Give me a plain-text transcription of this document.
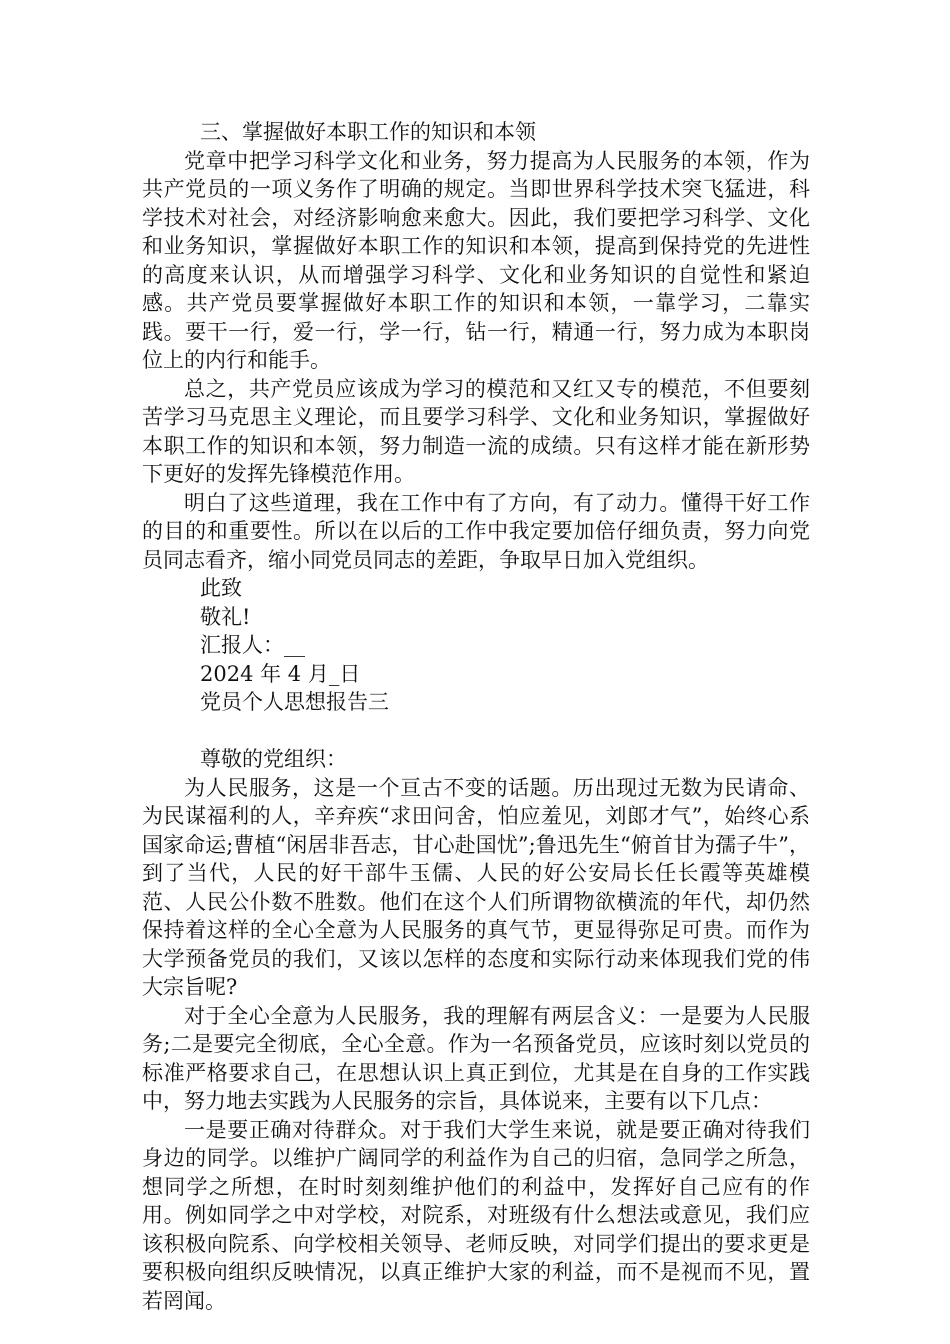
三、掌握做好本职工作的知识和本领

党章中把学习科学文化和业务，努力提高为人民服务的本领，作为共产党员的一项义务作了明确的规定。当即世界科学技术突飞猛进，科学技术对社会，对经济影响愈来愈大。因此，我们要把学习科学、文化和业务知识，掌握做好本职工作的知识和本领，提高到保持党的先进性的高度来认识，从而增强学习科学、文化和业务知识的自觉性和紧迫感。共产党员要掌握做好本职工作的知识和本领，一靠学习，二靠实践。要干一行，爱一行，学一行，钻一行，精通一行，努力成为本职岗位上的内行和能手。

总之，共产党员应该成为学习的模范和又红又专的模范，不但要刻苦学习马克思主义理论，而且要学习科学、文化和业务知识，掌握做好本职工作的知识和本领，努力制造一流的成绩。只有这样才能在新形势下更好的发挥先锋模范作用。

明白了这些道理，我在工作中有了方向，有了动力。懂得干好工作的目的和重要性。所以在以后的工作中我定要加倍仔细负责，努力向党员同志看齐，缩小同党员同志的差距，争取早日加入党组织。

此致

敬礼!

汇报人：__

2024 年 4 月_日

党员个人思想报告三

尊敬的党组织：

为人民服务，这是一个亘古不变的话题。历出现过无数为民请命、为民谋福利的人，辛弃疾“求田问舍，怕应羞见，刘郎才气”，始终心系国家命运;曹植“闲居非吾志，甘心赴国忧”;鲁迅先生“俯首甘为孺子牛”，到了当代，人民的好干部牛玉儒、人民的好公安局长任长霞等英雄模范、人民公仆数不胜数。他们在这个人们所谓物欲横流的年代，却仍然保持着这样的全心全意为人民服务的真气节，更显得弥足可贵。而作为大学预备党员的我们，又该以怎样的态度和实际行动来体现我们党的伟大宗旨呢?

对于全心全意为人民服务，我的理解有两层含义：一是要为人民服务;二是要完全彻底，全心全意。作为一名预备党员，应该时刻以党员的标准严格要求自己，在思想认识上真正到位，尤其是在自身的工作实践中，努力地去实践为人民服务的宗旨，具体说来，主要有以下几点：

一是要正确对待群众。对于我们大学生来说，就是要正确对待我们身边的同学。以维护广阔同学的利益作为自己的归宿，急同学之所急，想同学之所想，在时时刻刻维护他们的利益中，发挥好自己应有的作用。例如同学之中对学校，对院系，对班级有什么想法或意见，我们应该积极向院系、向学校相关领导、老师反映，对同学们提出的要求更是要积极向组织反映情况，以真正维护大家的利益，而不是视而不见，置若罔闻。
